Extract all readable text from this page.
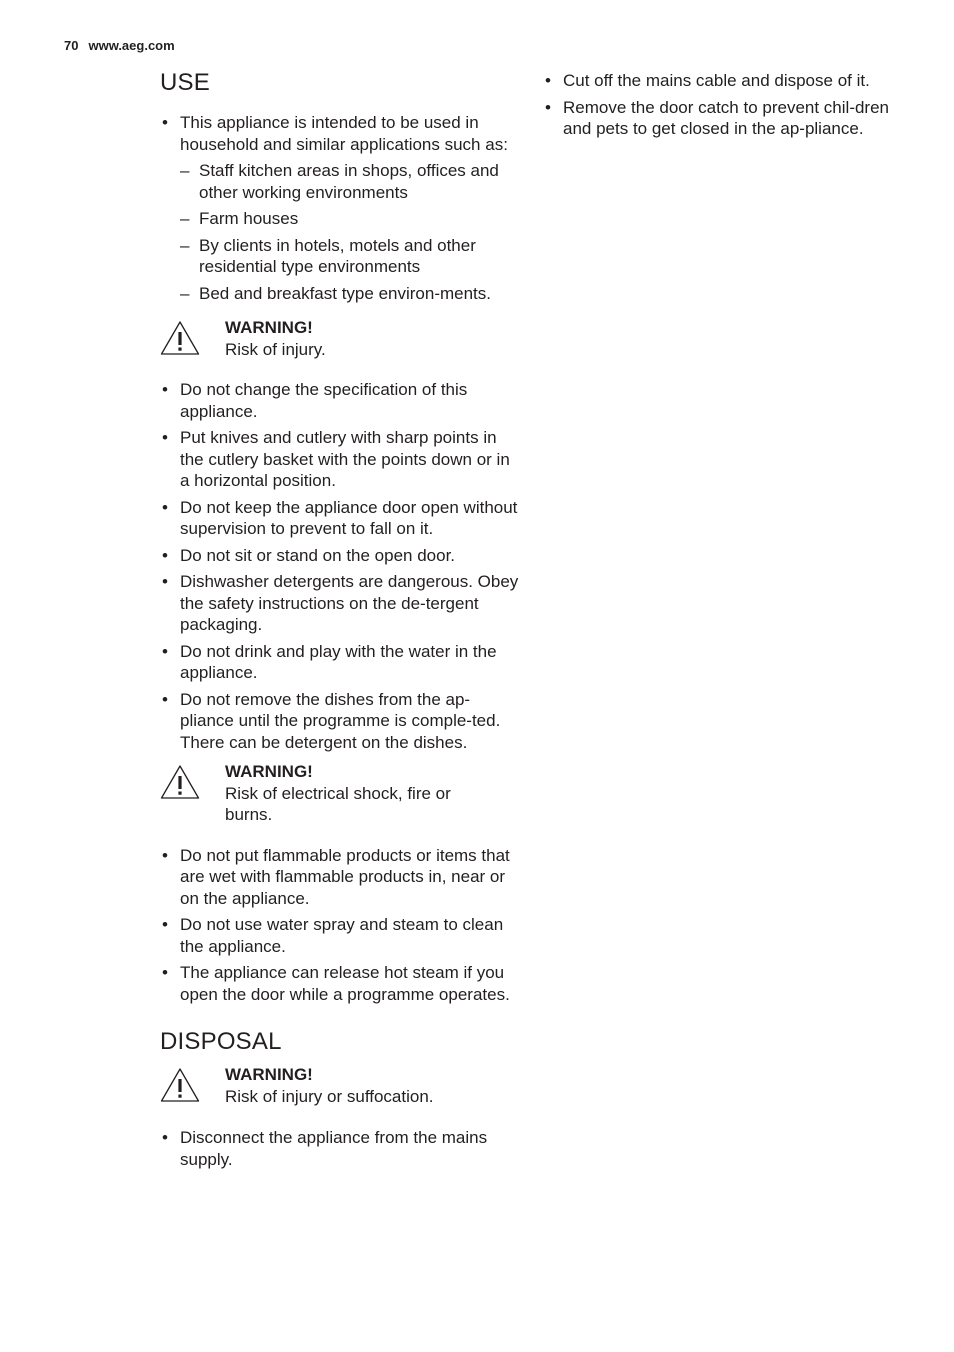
70 www.aeg.com
USE
• This appliance is intended to be used in household and similar applications such as:
– Staff kitchen areas in shops, offices and other working environments
– Farm houses
– By clients in hotels, motels and other residential type environments
– Bed and breakfast type environ-ments.
WARNING!
Risk of injury.
• Do not change the specification of this appliance.
• Put knives and cutlery with sharp points in the cutlery basket with the points down or in a horizontal position.
• Do not keep the appliance door open without supervision to prevent to fall on it.
• Do not sit or stand on the open door.
• Dishwasher detergents are dangerous. Obey the safety instructions on the de-tergent packaging.
• Do not drink and play with the water in the appliance.
• Do not remove the dishes from the ap-pliance until the programme is comple-ted. There can be detergent on the dishes.
WARNING!
Risk of electrical shock, fire or burns.
• Do not put flammable products or items that are wet with flammable products in, near or on the appliance.
• Do not use water spray and steam to clean the appliance.
• The appliance can release hot steam if you open the door while a programme operates.
DISPOSAL
WARNING!
Risk of injury or suffocation.
• Disconnect the appliance from the mains supply.
• Cut off the mains cable and dispose of it.
• Remove the door catch to prevent chil-dren and pets to get closed in the ap-pliance.
